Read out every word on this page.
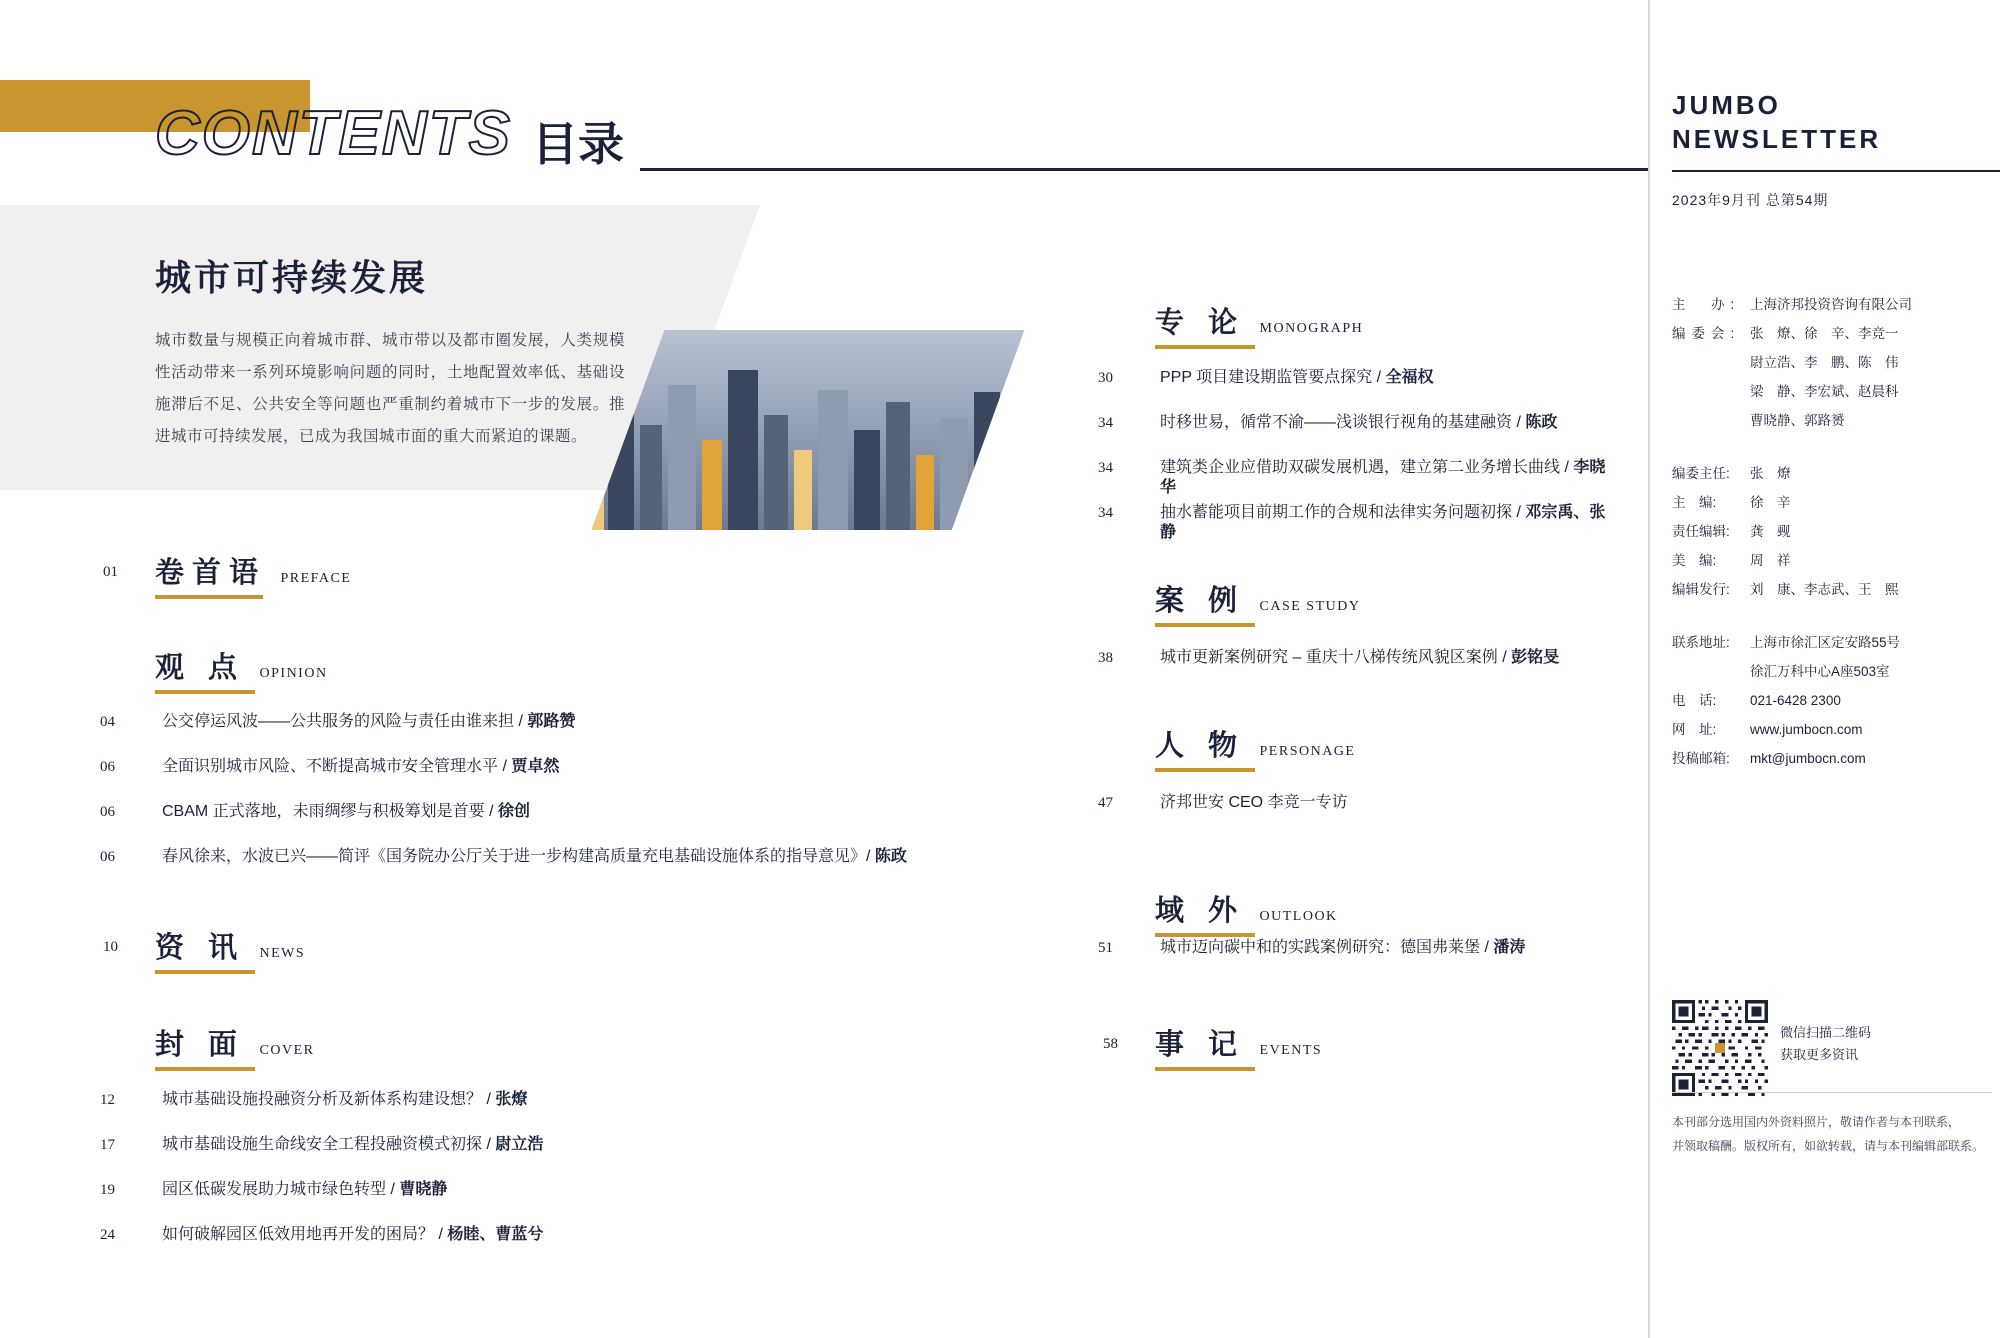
CONTENTS 目录
城市可持续发展
城市数量与规模正向着城市群、城市带以及都市圈发展，人类规模性活动带来一系列环境影响问题的同时，土地配置效率低、基础设施滞后不足、公共安全等问题也严重制约着城市下一步的发展。推进城市可持续发展，已成为我国城市面的重大而紧迫的课题。
01	卷首语 PREFACE
观 点 OPINION
04	公交停运风波——公共服务的风险与责任由谁来担 / 郭路赞
06	全面识别城市风险、不断提高城市安全管理水平 / 贾卓然
06	CBAM 正式落地，未雨绸缪与积极筹划是首要 / 徐创
06	春风徐来，水波已兴——简评《国务院办公厅关于进一步构建高质量充电基础设施体系的指导意见》/ 陈政
10	资 讯 NEWS
封 面 COVER
12	城市基础设施投融资分析及新体系构建设想？ / 张燎
17	城市基础设施生命线安全工程投融资模式初探 / 尉立浩
19	园区低碳发展助力城市绿色转型 / 曹晓静
24	如何破解园区低效用地再开发的困局？ / 杨睦、曹蓝兮
专 论 MONOGRAPH
30	PPP 项目建设期监管要点探究 / 全福权
34	时移世易，循常不渝——浅谈银行视角的基建融资 / 陈政
34	建筑类企业应借助双碳发展机遇，建立第二业务增长曲线 / 李晓华
34	抽水蓄能项目前期工作的合规和法律实务问题初探 / 邓宗禹、张静
案 例 CASE STUDY
38	城市更新案例研究 – 重庆十八梯传统风貌区案例 / 彭铭旻
人 物 PERSONAGE
47	济邦世安 CEO 李竞一专访
域 外 OUTLOOK
51	城市迈向碳中和的实践案例研究：德国弗莱堡 / 潘涛
58	事 记 EVENTS
JUMBO
NEWSLETTER
2023年9月刊 总第54期
主　办: 上海济邦投资咨询有限公司
编委会: 张　燎、徐　辛、李竞一
尉立浩、李　鹏、陈　伟
梁　静、李宏斌、赵晨科
曹晓静、郭路赟
编委主任: 张　燎
主　编: 徐　辛
责任编辑: 龚　觋
美　编: 周　祥
编辑发行: 刘　康、李志武、王　熙
联系地址: 上海市徐汇区定安路55号
徐汇万科中心A座503室
电　话: 021-6428 2300
网　址: www.jumbocn.com
投稿邮箱: mkt@jumbocn.com
微信扫描二维码
获取更多资讯
本刊部分选用国内外资料照片，敬请作者与本刊联系，
并领取稿酬。版权所有，如欲转载，请与本刊编辑部联系。
